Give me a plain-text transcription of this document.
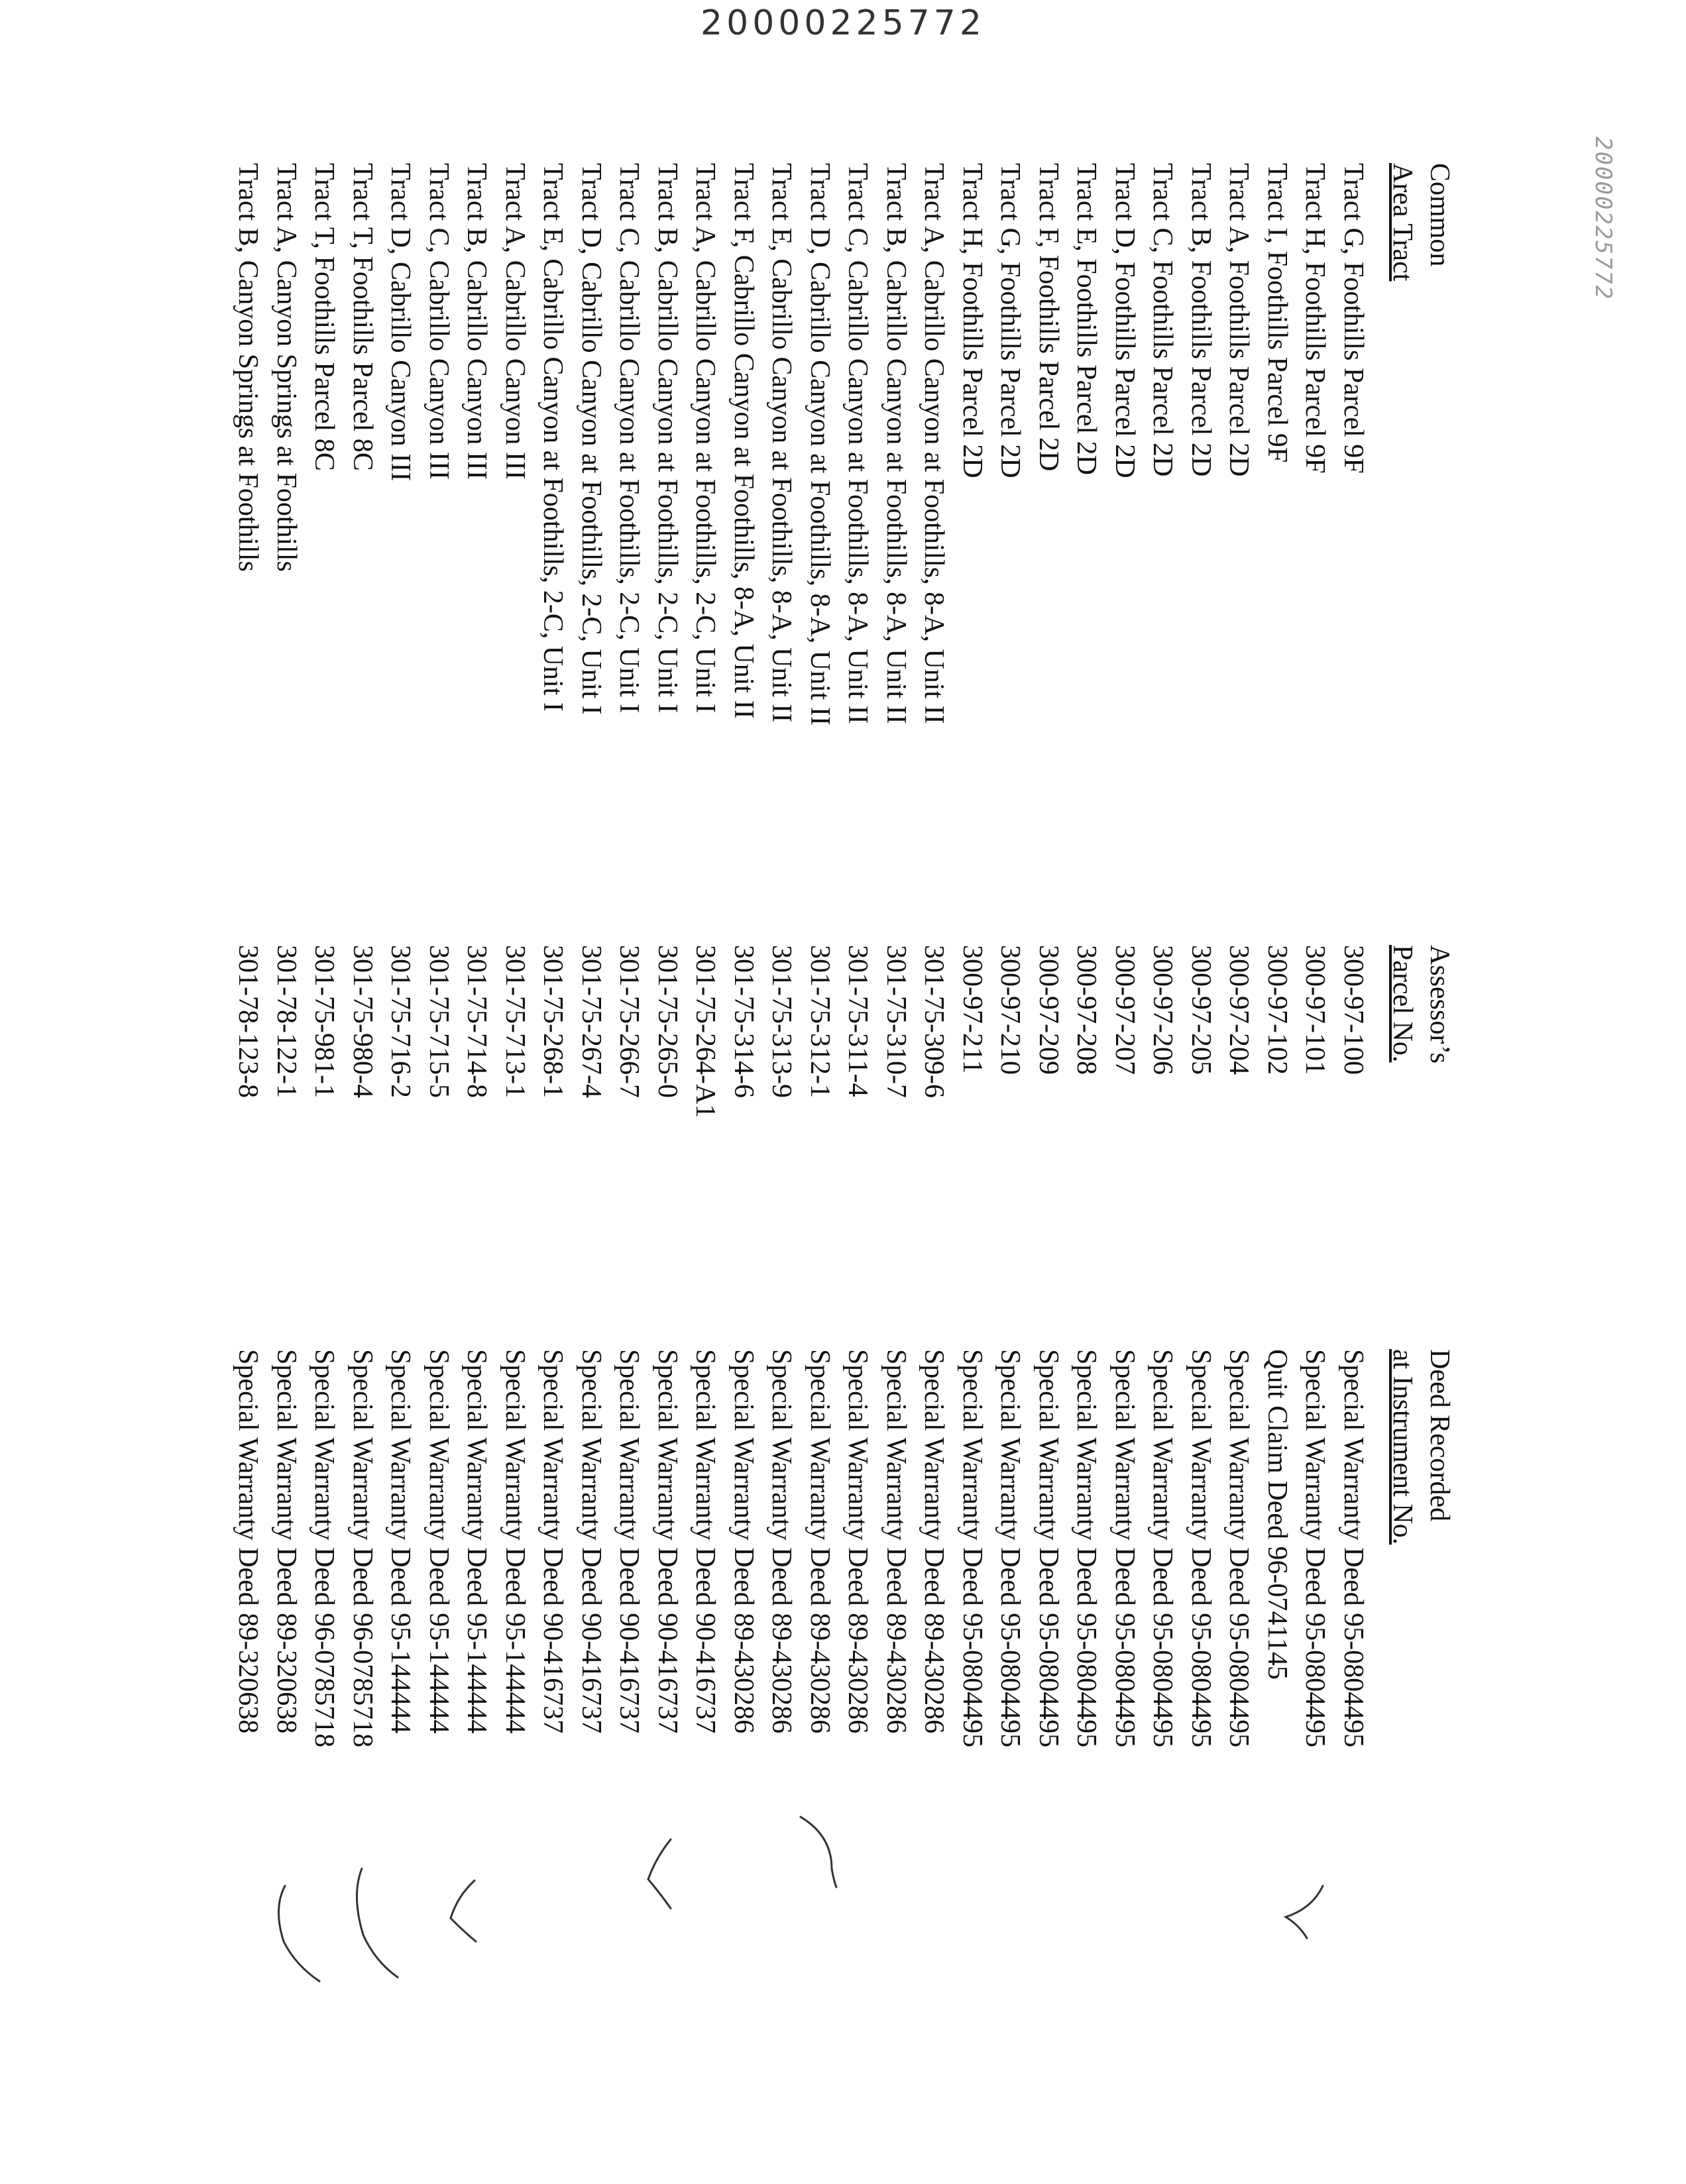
20000225772
20000225772
Common
Area Tract
Assessor’s
Parcel No.
Deed Recorded
at Instrument No.
Tract G, Foothills Parcel 9F
300-97-100
Special Warranty Deed 95-0804495
Tract H, Foothills Parcel 9F
300-97-101
Special Warranty Deed 95-0804495
Tract I, Foothills Parcel 9F
300-97-102
Quit Claim Deed 96-0741145
Tract A, Foothills Parcel 2D
300-97-204
Special Warranty Deed 95-0804495
Tract B, Foothills Parcel 2D
300-97-205
Special Warranty Deed 95-0804495
Tract C, Foothills Parcel 2D
300-97-206
Special Warranty Deed 95-0804495
Tract D, Foothills Parcel 2D
300-97-207
Special Warranty Deed 95-0804495
Tract E, Foothills Parcel 2D
300-97-208
Special Warranty Deed 95-0804495
Tract F, Foothills Parcel 2D
300-97-209
Special Warranty Deed 95-0804495
Tract G, Foothills Parcel 2D
300-97-210
Special Warranty Deed 95-0804495
Tract H, Foothills Parcel 2D
300-97-211
Special Warranty Deed 95-0804495
Tract A, Cabrillo Canyon at Foothills, 8-A, Unit II
301-75-309-6
Special Warranty Deed 89-430286
Tract B, Cabrillo Canyon at Foothills, 8-A, Unit II
301-75-310-7
Special Warranty Deed 89-430286
Tract C, Cabrillo Canyon at Foothills, 8-A, Unit II
301-75-311-4
Special Warranty Deed 89-430286
Tract D, Cabrillo Canyon at Foothills, 8-A, Unit II
301-75-312-1
Special Warranty Deed 89-430286
Tract E, Cabrillo Canyon at Foothills, 8-A, Unit II
301-75-313-9
Special Warranty Deed 89-430286
Tract F, Cabrillo Canyon at Foothills, 8-A, Unit II
301-75-314-6
Special Warranty Deed 89-430286
Tract A, Cabrillo Canyon at Foothills, 2-C, Unit I
301-75-264-A1
Special Warranty Deed 90-416737
Tract B, Cabrillo Canyon at Foothills, 2-C, Unit I
301-75-265-0
Special Warranty Deed 90-416737
Tract C, Cabrillo Canyon at Foothills, 2-C, Unit I
301-75-266-7
Special Warranty Deed 90-416737
Tract D, Cabrillo Canyon at Foothills, 2-C, Unit I
301-75-267-4
Special Warranty Deed 90-416737
Tract E, Cabrillo Canyon at Foothills, 2-C, Unit I
301-75-268-1
Special Warranty Deed 90-416737
Tract A, Cabrillo Canyon III
301-75-713-1
Special Warranty Deed 95-144444
Tract B, Cabrillo Canyon III
301-75-714-8
Special Warranty Deed 95-144444
Tract C, Cabrillo Canyon III
301-75-715-5
Special Warranty Deed 95-144444
Tract D, Cabrillo Canyon III
301-75-716-2
Special Warranty Deed 95-144444
Tract T, Foothills Parcel 8C
301-75-980-4
Special Warranty Deed 96-0785718
Tract T, Foothills Parcel 8C
301-75-981-1
Special Warranty Deed 96-0785718
Tract A, Canyon Springs at Foothills
301-78-122-1
Special Warranty Deed 89-320638
Tract B, Canyon Springs at Foothills
301-78-123-8
Special Warranty Deed 89-320638
